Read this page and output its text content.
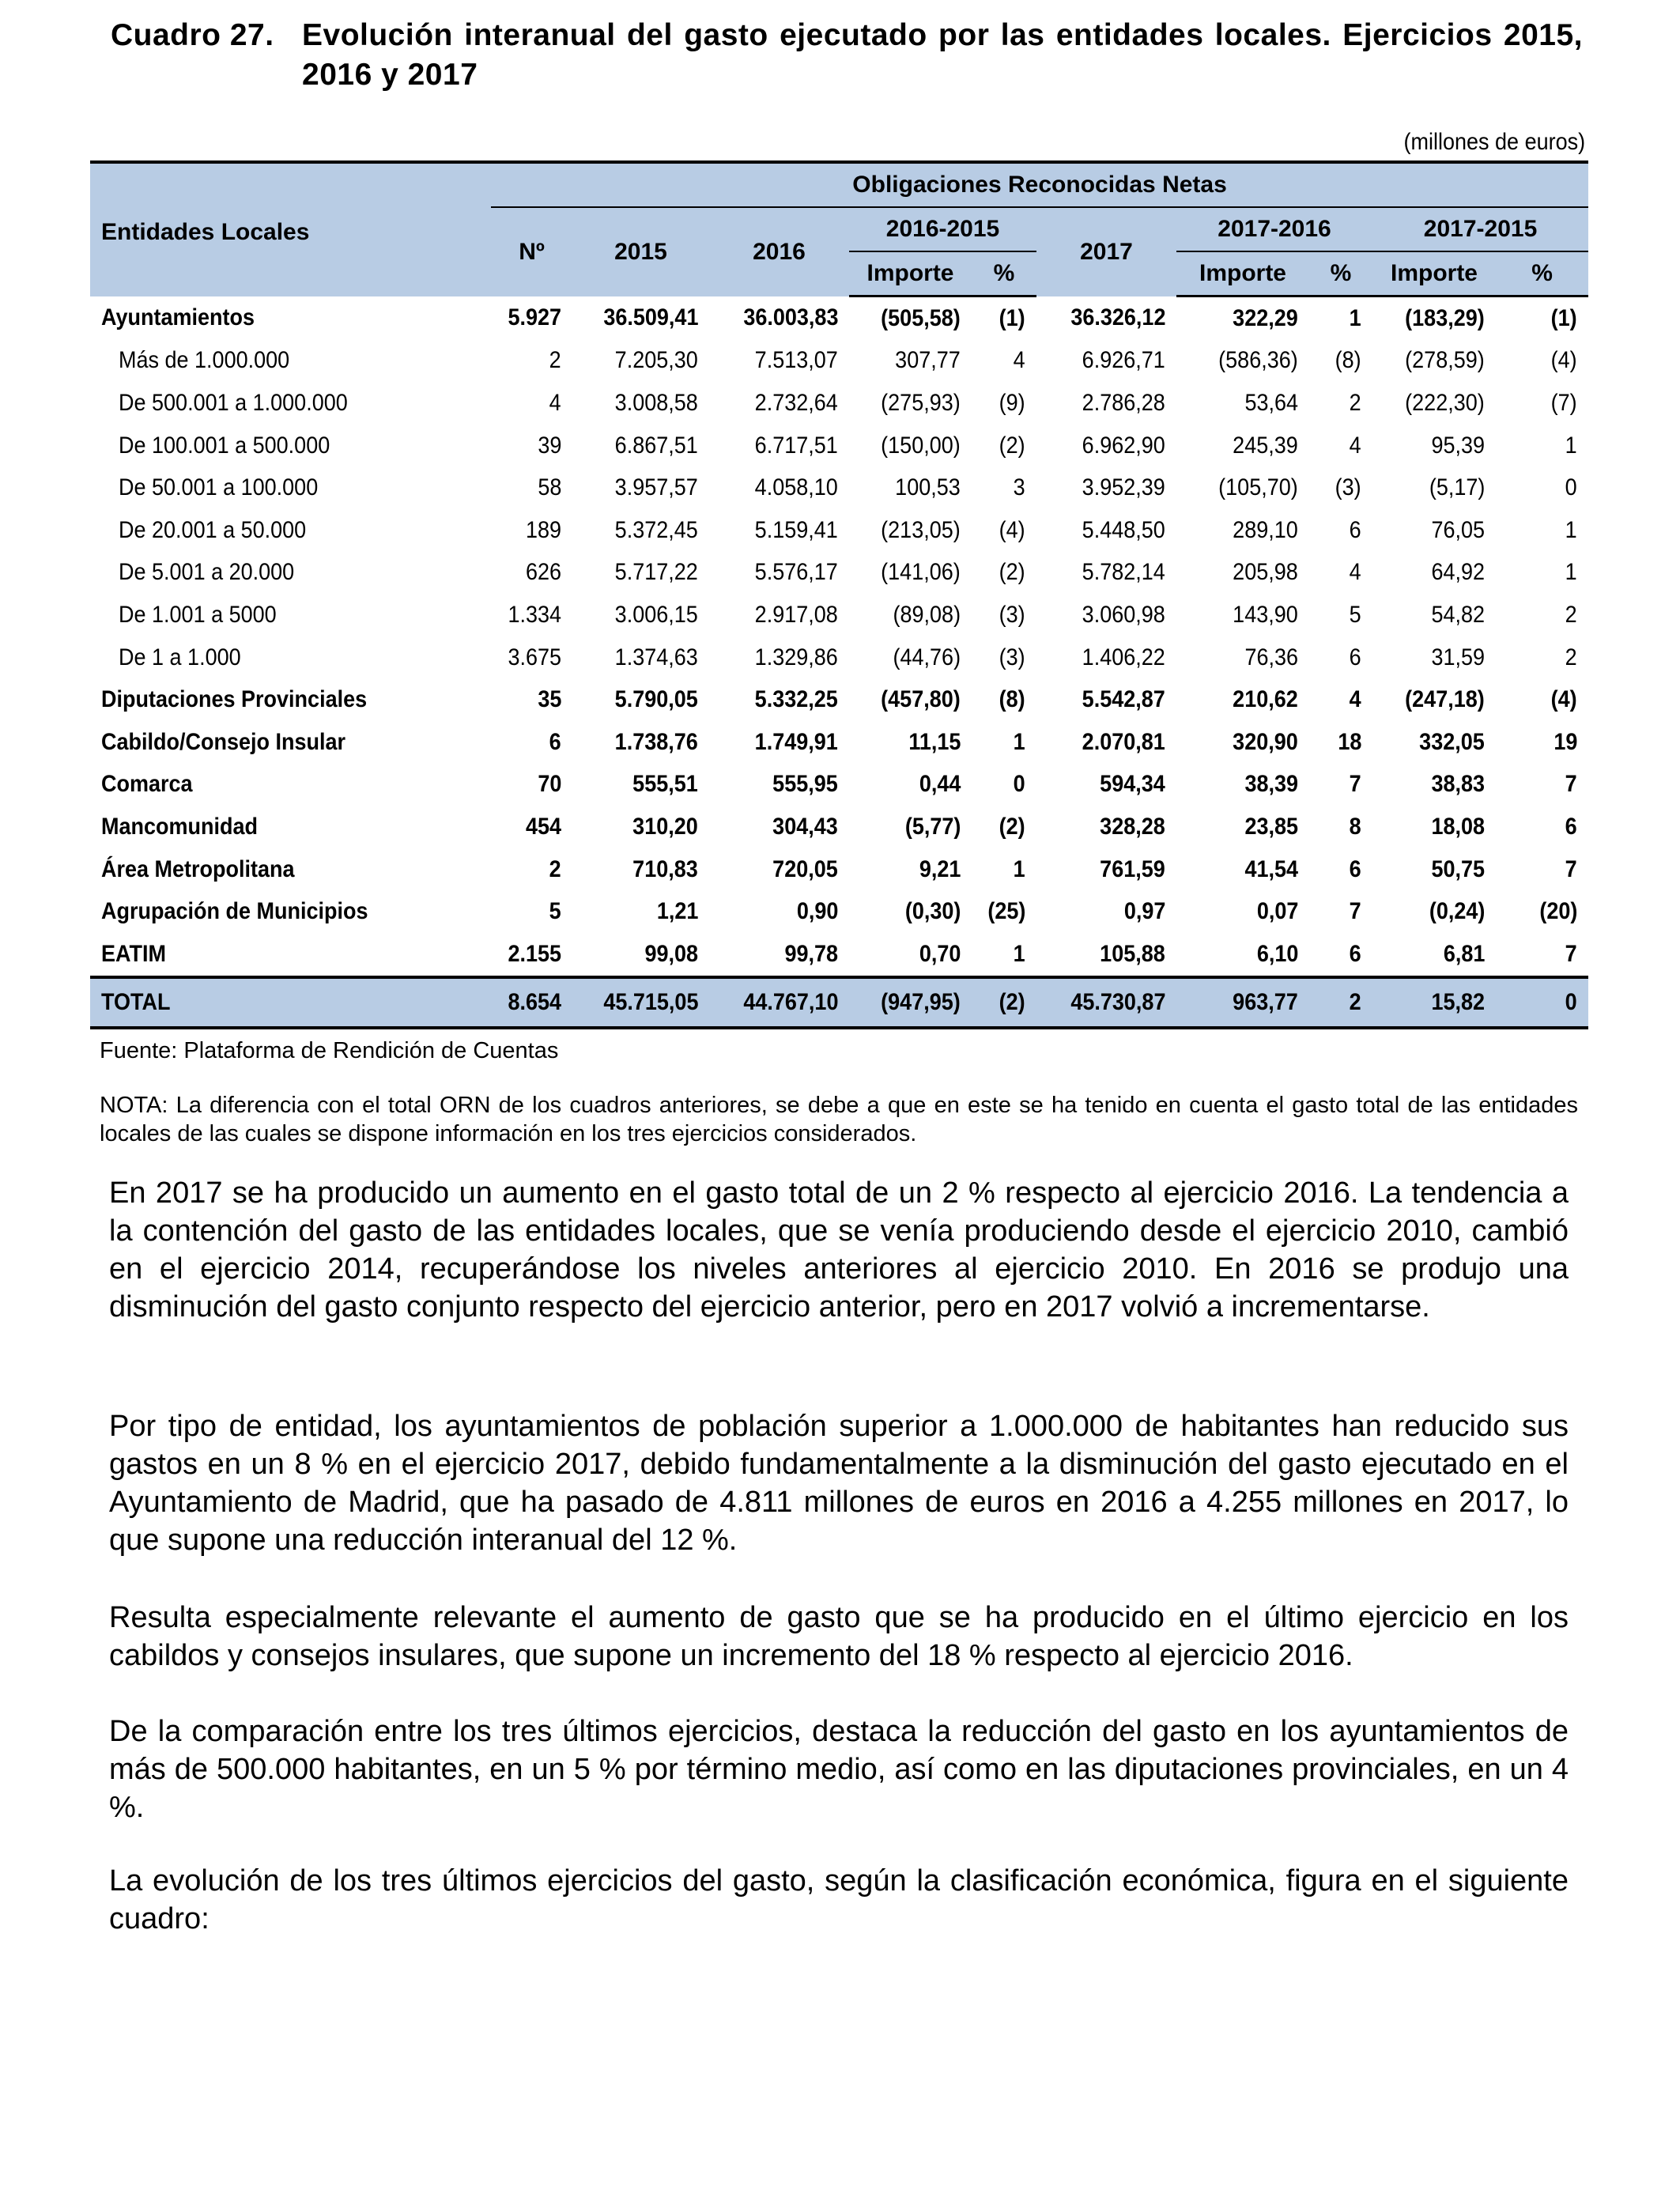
Cuadro 27. Evolución interanual del gasto ejecutado por las entidades locales. Ejercicios 2015, 2016 y 2017
(millones de euros)
Entidades Locales	Obligaciones Reconocidas Netas									
	Nº	2015	2016	2016-2015		2017	2017-2016		2017-2015	
				Importe	%		Importe	%	Importe	%
Ayuntamientos	5.927	36.509,41	36.003,83	(505,58)	(1)	36.326,12	322,29	1	(183,29)	(1)
Más de 1.000.000	2	7.205,30	7.513,07	307,77	4	6.926,71	(586,36)	(8)	(278,59)	(4)
De 500.001 a 1.000.000	4	3.008,58	2.732,64	(275,93)	(9)	2.786,28	53,64	2	(222,30)	(7)
De 100.001 a 500.000	39	6.867,51	6.717,51	(150,00)	(2)	6.962,90	245,39	4	95,39	1
De 50.001 a 100.000	58	3.957,57	4.058,10	100,53	3	3.952,39	(105,70)	(3)	(5,17)	0
De 20.001 a 50.000	189	5.372,45	5.159,41	(213,05)	(4)	5.448,50	289,10	6	76,05	1
De 5.001 a 20.000	626	5.717,22	5.576,17	(141,06)	(2)	5.782,14	205,98	4	64,92	1
De 1.001 a 5000	1.334	3.006,15	2.917,08	(89,08)	(3)	3.060,98	143,90	5	54,82	2
De 1 a 1.000	3.675	1.374,63	1.329,86	(44,76)	(3)	1.406,22	76,36	6	31,59	2
Diputaciones Provinciales	35	5.790,05	5.332,25	(457,80)	(8)	5.542,87	210,62	4	(247,18)	(4)
Cabildo/Consejo Insular	6	1.738,76	1.749,91	11,15	1	2.070,81	320,90	18	332,05	19
Comarca	70	555,51	555,95	0,44	0	594,34	38,39	7	38,83	7
Mancomunidad	454	310,20	304,43	(5,77)	(2)	328,28	23,85	8	18,08	6
Área Metropolitana	2	710,83	720,05	9,21	1	761,59	41,54	6	50,75	7
Agrupación de Municipios	5	1,21	0,90	(0,30)	(25)	0,97	0,07	7	(0,24)	(20)
EATIM	2.155	99,08	99,78	0,70	1	105,88	6,10	6	6,81	7
TOTAL	8.654	45.715,05	44.767,10	(947,95)	(2)	45.730,87	963,77	2	15,82	0
Fuente: Plataforma de Rendición de Cuentas
NOTA: La diferencia con el total ORN de los cuadros anteriores, se debe a que en este se ha tenido en cuenta el gasto total de las entidades locales de las cuales se dispone información en los tres ejercicios considerados.

En 2017 se ha producido un aumento en el gasto total de un 2 % respecto al ejercicio 2016. La tendencia a la contención del gasto de las entidades locales, que se venía produciendo desde el ejercicio 2010, cambió en el ejercicio 2014, recuperándose los niveles anteriores al ejercicio 2010. En 2016 se produjo una disminución del gasto conjunto respecto del ejercicio anterior, pero en 2017 volvió a incrementarse.

Por tipo de entidad, los ayuntamientos de población superior a 1.000.000 de habitantes han reducido sus gastos en un 8 % en el ejercicio 2017, debido fundamentalmente a la disminución del gasto ejecutado en el Ayuntamiento de Madrid, que ha pasado de 4.811 millones de euros en 2016 a 4.255 millones en 2017, lo que supone una reducción interanual del 12 %.

Resulta especialmente relevante el aumento de gasto que se ha producido en el último ejercicio en los cabildos y consejos insulares, que supone un incremento del 18 % respecto al ejercicio 2016.

De la comparación entre los tres últimos ejercicios, destaca la reducción del gasto en los ayuntamientos de más de 500.000 habitantes, en un 5 % por término medio, así como en las diputaciones provinciales, en un 4 %.

La evolución de los tres últimos ejercicios del gasto, según la clasificación económica, figura en el siguiente cuadro:
